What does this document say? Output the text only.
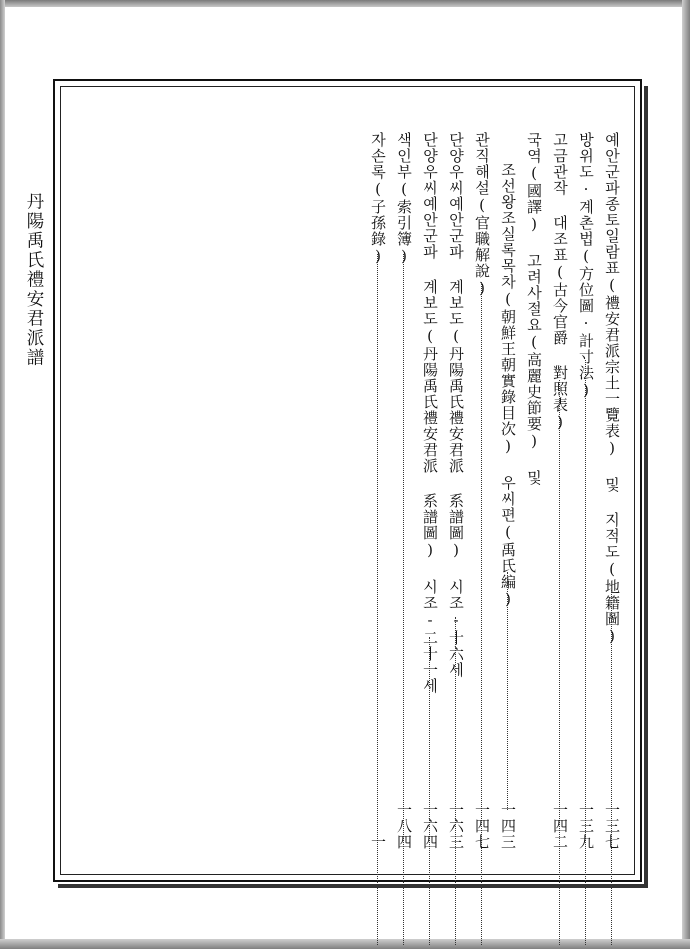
丹陽禹氏禮安君派譜	예안군파종토일람표(禮安君派宗土一覽表) 및 지적도(地籍圖)
一三七
방위도·계촌법(方位圖·計寸法)
一三九
고금관작 대조표(古今官爵 對照表)
一四二
국역(國譯) 고려사절요(高麗史節要) 및
조선왕조실록목차(朝鮮王朝實錄目次) 우씨편(禹氏編)
一四三
관직해설(官職解說)
一四七
단양우씨예안군파 계보도(丹陽禹氏禮安君派 系譜圖) 시조-十六세
一六三
단양우씨예안군파 계보도(丹陽禹氏禮安君派 系譜圖) 시조-二十一세
一六四
색인부(索引簿)
一八四
자손록(子孫錄)
一
